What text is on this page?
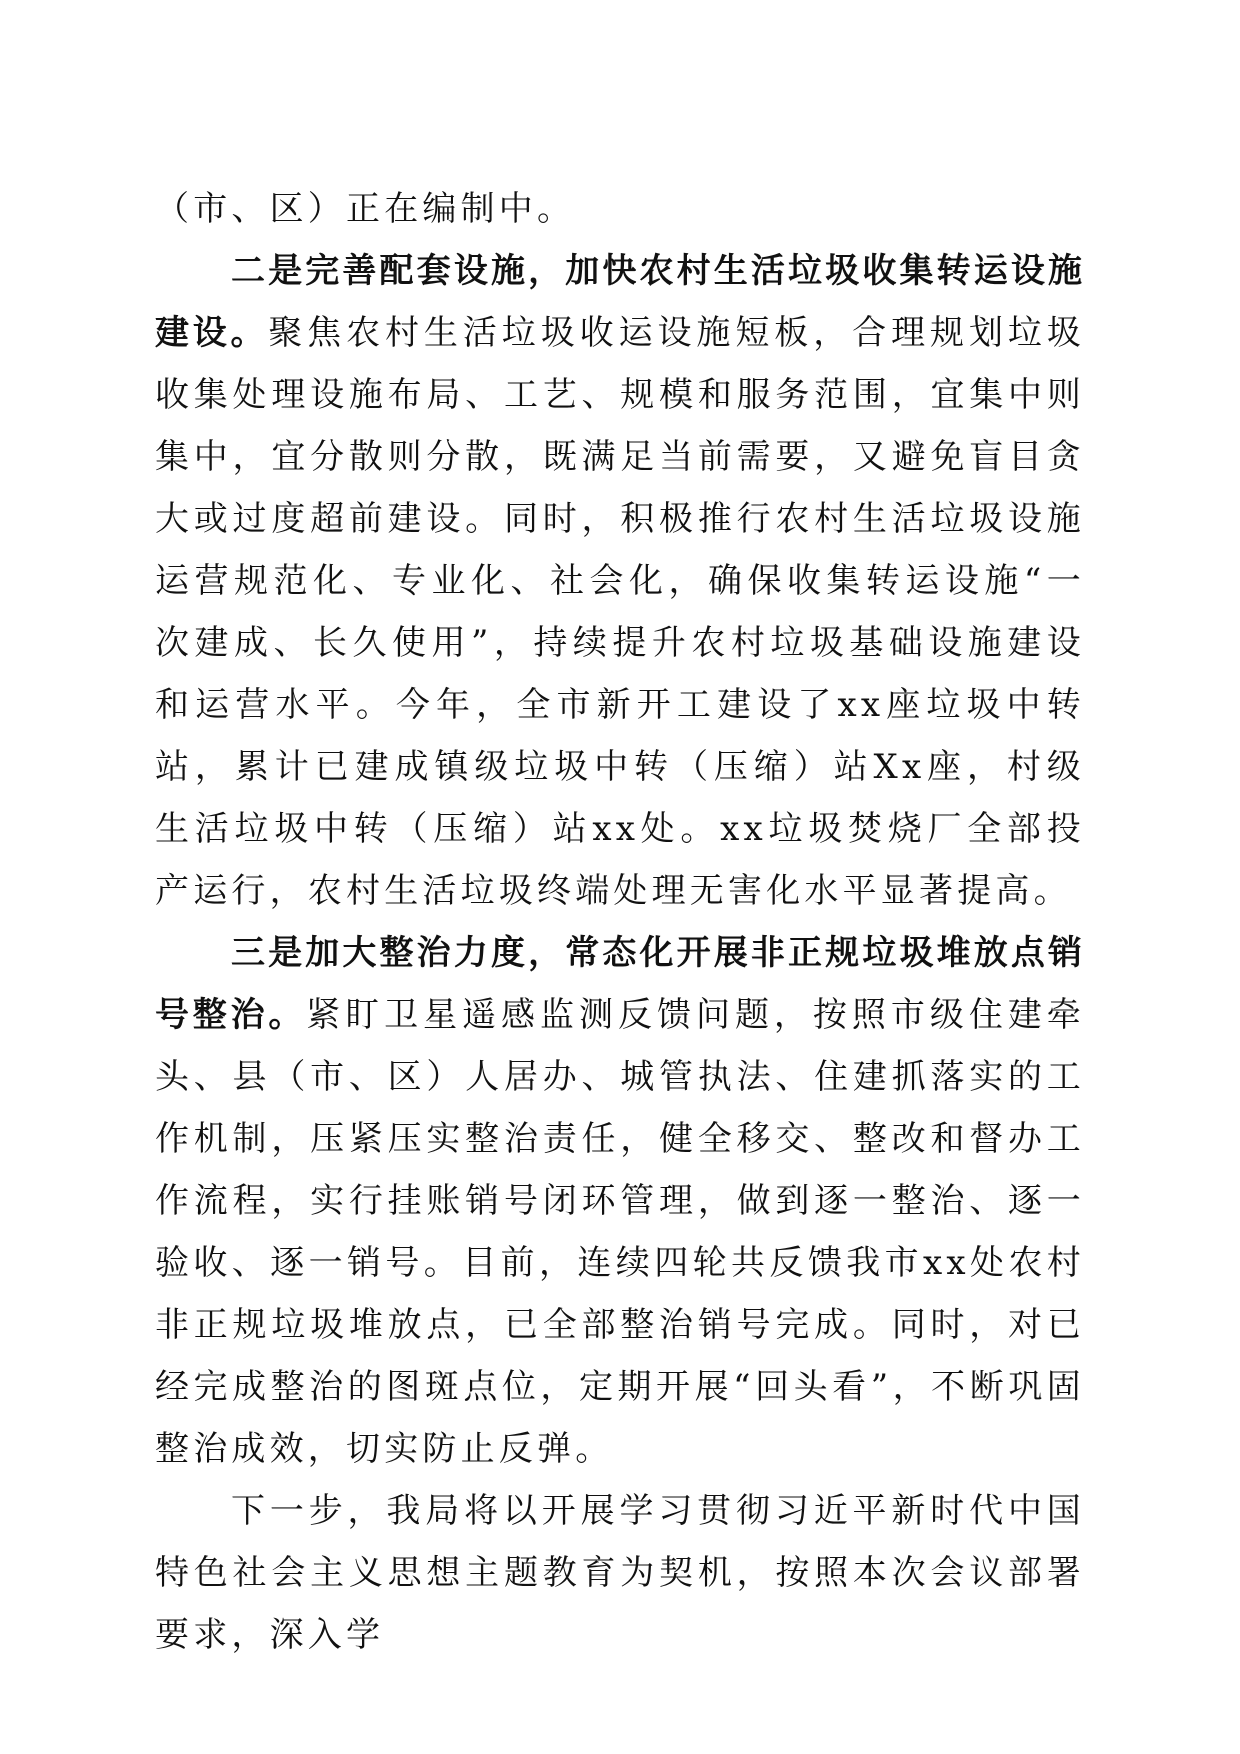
（市、区）正在编制中。

二是完善配套设施，加快农村生活垃圾收集转运设施建设。聚焦农村生活垃圾收运设施短板，合理规划垃圾收集处理设施布局、工艺、规模和服务范围，宜集中则集中，宜分散则分散，既满足当前需要，又避免盲目贪大或过度超前建设。同时，积极推行农村生活垃圾设施运营规范化、专业化、社会化，确保收集转运设施“一次建成、长久使用”，持续提升农村垃圾基础设施建设和运营水平。今年，全市新开工建设了xx座垃圾中转站，累计已建成镇级垃圾中转（压缩）站Xx座，村级生活垃圾中转（压缩）站xx处。xx垃圾焚烧厂全部投产运行，农村生活垃圾终端处理无害化水平显著提高。

三是加大整治力度，常态化开展非正规垃圾堆放点销号整治。紧盯卫星遥感监测反馈问题，按照市级住建牵头、县（市、区）人居办、城管执法、住建抓落实的工作机制，压紧压实整治责任，健全移交、整改和督办工作流程，实行挂账销号闭环管理，做到逐一整治、逐一验收、逐一销号。目前，连续四轮共反馈我市xx处农村非正规垃圾堆放点，已全部整治销号完成。同时，对已经完成整治的图斑点位，定期开展“回头看”，不断巩固整治成效，切实防止反弹。

下一步，我局将以开展学习贯彻习近平新时代中国特色社会主义思想主题教育为契机，按照本次会议部署要求，深入学
